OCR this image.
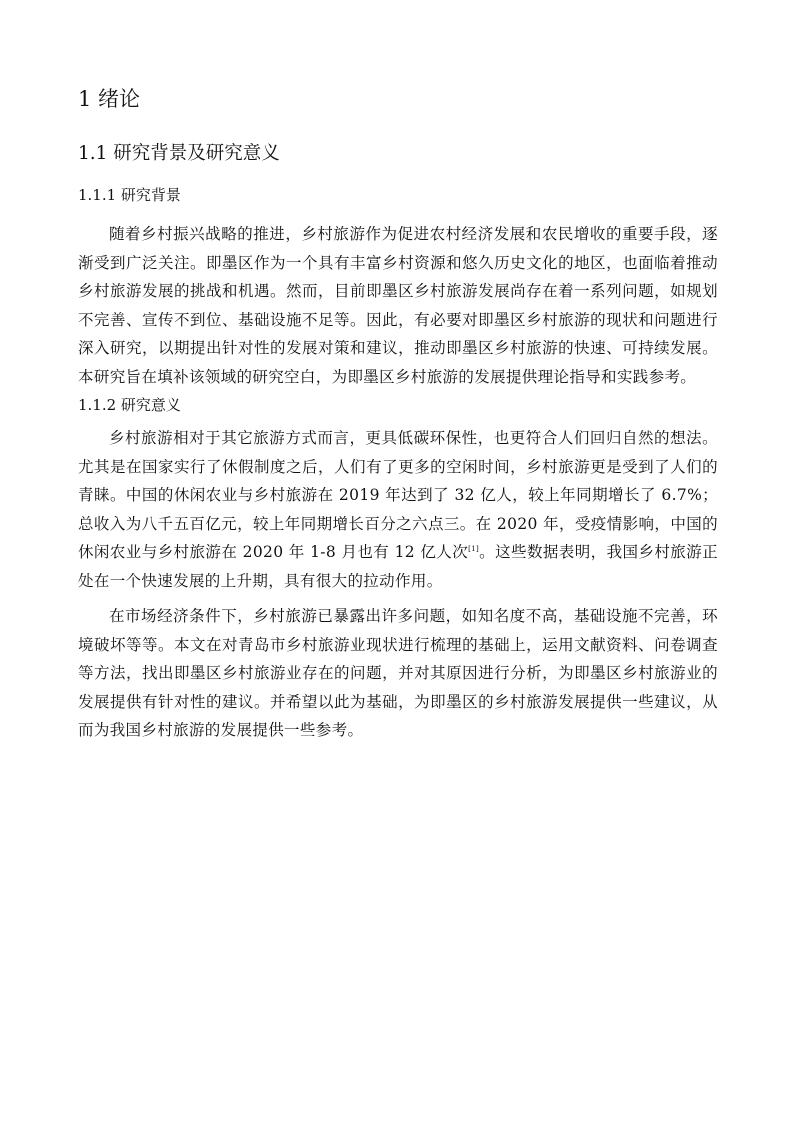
1 绪论
1.1 研究背景及研究意义
1.1.1 研究背景

随着乡村振兴战略的推进，乡村旅游作为促进农村经济发展和农民增收的重要手段，逐渐受到广泛关注。即墨区作为一个具有丰富乡村资源和悠久历史文化的地区，也面临着推动乡村旅游发展的挑战和机遇。然而，目前即墨区乡村旅游发展尚存在着一系列问题，如规划不完善、宣传不到位、基础设施不足等。因此，有必要对即墨区乡村旅游的现状和问题进行深入研究，以期提出针对性的发展对策和建议，推动即墨区乡村旅游的快速、可持续发展。本研究旨在填补该领域的研究空白，为即墨区乡村旅游的发展提供理论指导和实践参考。

1.1.2 研究意义

乡村旅游相对于其它旅游方式而言，更具低碳环保性，也更符合人们回归自然的想法。尤其是在国家实行了休假制度之后，人们有了更多的空闲时间，乡村旅游更是受到了人们的青睐。中国的休闲农业与乡村旅游在 2019 年达到了 32 亿人，较上年同期增长了 6.7%；总收入为八千五百亿元，较上年同期增长百分之六点三。在 2020 年，受疫情影响，中国的休闲农业与乡村旅游在 2020 年 1-8 月也有 12 亿人次[1]。这些数据表明，我国乡村旅游正处在一个快速发展的上升期，具有很大的拉动作用。

在市场经济条件下，乡村旅游已暴露出许多问题，如知名度不高，基础设施不完善，环境破坏等等。本文在对青岛市乡村旅游业现状进行梳理的基础上，运用文献资料、问卷调查等方法，找出即墨区乡村旅游业存在的问题，并对其原因进行分析，为即墨区乡村旅游业的发展提供有针对性的建议。并希望以此为基础，为即墨区的乡村旅游发展提供一些建议，从而为我国乡村旅游的发展提供一些参考。
